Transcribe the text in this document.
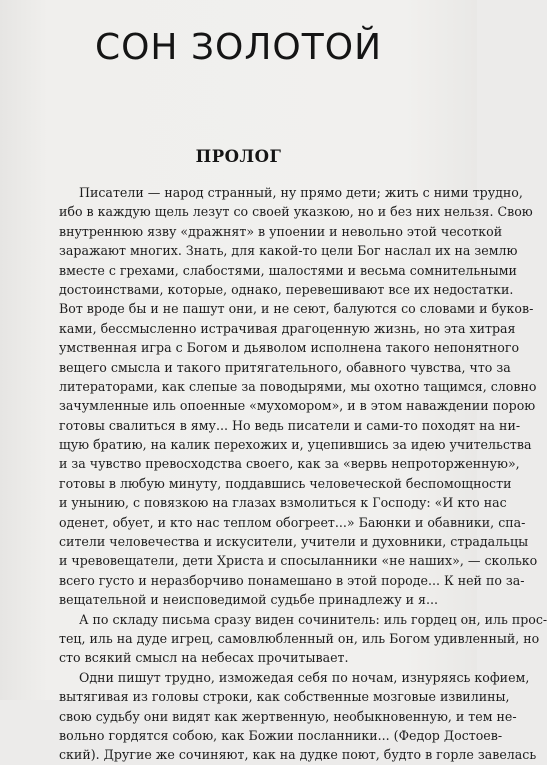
СОН ЗОЛОТОЙ
ПРОЛОГ
Писатели — народ странный, ну прямо дети; жить с ними трудно,
ибо в каждую щель лезут со своей указкою, но и без них нельзя. Свою
внутреннюю язву «дражнят» в упоении и невольно этой чесоткой
заражают многих. Знать, для какой-то цели Бог наслал их на землю
вместе с грехами, слабостями, шалостями и весьма сомнительными
достоинствами, которые, однако, перевешивают все их недостатки.
Вот вроде бы и не пашут они, и не сеют, балуются со словами и буков-
ками, бессмысленно истрачивая драгоценную жизнь, но эта хитрая
умственная игра с Богом и дьяволом исполнена такого непонятного
вещего смысла и такого притягательного, обавного чувства, что за
литераторами, как слепые за поводырями, мы охотно тащимся, словно
зачумленные иль опоенные «мухомором», и в этом наваждении порою
готовы свалиться в яму... Но ведь писатели и сами-то походят на ни-
щую братию, на калик перехожих и, уцепившись за идею учительства
и за чувство превосходства своего, как за «вервь непроторженную»,
готовы в любую минуту, поддавшись человеческой беспомощности
и унынию, с повязкою на глазах взмолиться к Господу: «И кто нас
оденет, обует, и кто нас теплом обогреет...» Баюнки и обавники, спа-
сители человечества и искусители, учители и духовники, страдальцы
и чревовещатели, дети Христа и спосыланники «не наших», — сколько
всего густо и неразборчиво понамешано в этой породе... К ней по за-
вещательной и неисповедимой судьбе принадлежу и я...
А по складу письма сразу виден сочинитель: иль гордец он, иль прос-
тец, иль на дуде игрец, самовлюбленный он, иль Богом удивленный, но
сто всякий смысл на небесах прочитывает.
Одни пишут трудно, изможедая себя по ночам, изнуряясь кофием,
вытягивая из головы строки, как собственные мозговые извилины,
свою судьбу они видят как жертвенную, необыкновенную, и тем не-
вольно гордятся собою, как Божии посланники... (Федор Достоев-
ский). Другие же сочиняют, как на дудке поют, будто в горле завелась
